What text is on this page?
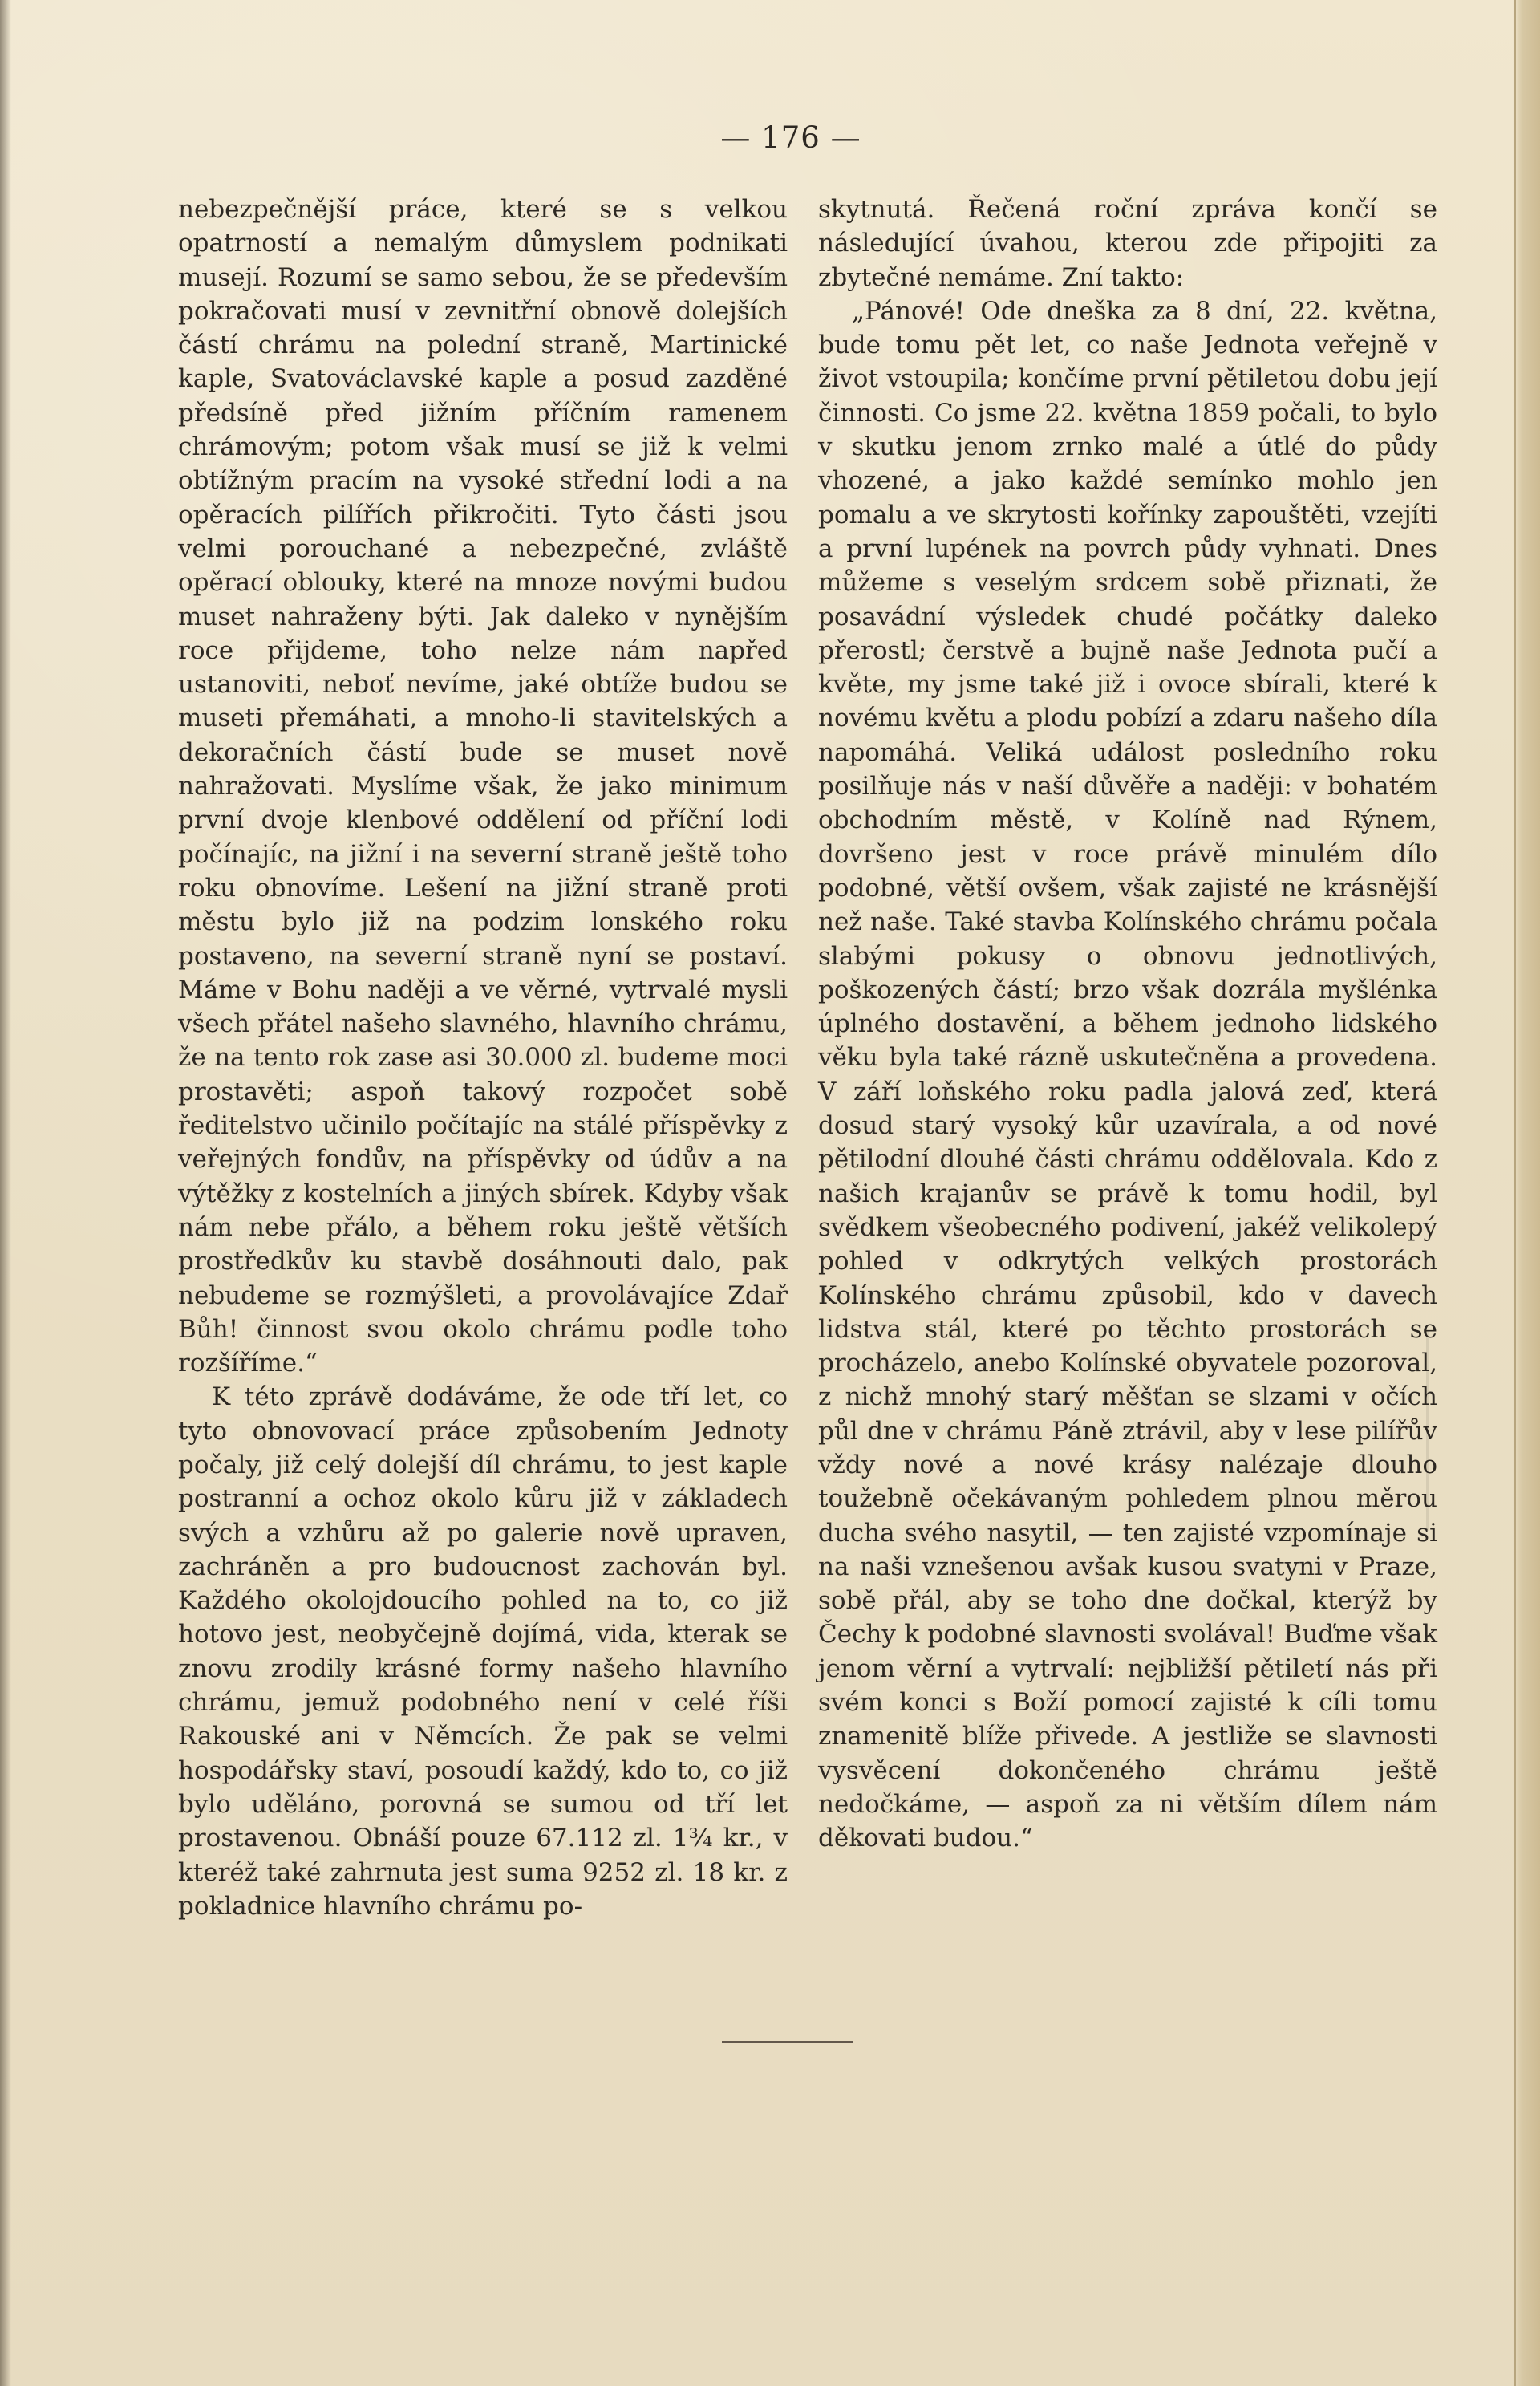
— 176 —

nebezpečnější práce, které se s velkou opatrností a nemalým důmyslem podnikati musejí. Rozumí se samo sebou, že se především pokračovati musí v zevnitřní obnově dolejších částí chrámu na polední straně, Martinické kaple, Svatováclavské kaple a posud zazděné předsíně před jižním příčním ramenem chrámovým; potom však musí se již k velmi obtížným pracím na vysoké střední lodi a na opěracích pilířích přikročiti. Tyto části jsou velmi porouchané a nebezpečné, zvláště opěrací oblouky, které na mnoze novými budou muset nahraženy býti. Jak daleko v nynějším roce přijdeme, toho nelze nám napřed ustanoviti, neboť nevíme, jaké obtíže budou se museti přemáhati, a mnoho-li stavitelských a dekoračních částí bude se muset nově nahražovati. Myslíme však, že jako minimum první dvoje klenbové oddělení od příční lodi počínajíc, na jižní i na severní straně ještě toho roku obnovíme. Lešení na jižní straně proti městu bylo již na podzim lonského roku postaveno, na severní straně nyní se postaví. Máme v Bohu naději a ve věrné, vytrvalé mysli všech přátel našeho slavného, hlavního chrámu, že na tento rok zase asi 30.000 zl. budeme moci prostavěti; aspoň takový rozpočet sobě ředitelstvo učinilo počítajíc na stálé příspěvky z veřejných fondův, na příspěvky od údův a na výtěžky z kostelních a jiných sbírek. Kdyby však nám nebe přálo, a během roku ještě větších prostředkův ku stavbě dosáhnouti dalo, pak nebudeme se rozmýšleti, a provolávajíce Zdař Bůh! činnost svou okolo chrámu podle toho rozšíříme.“

K této zprávě dodáváme, že ode tří let, co tyto obnovovací práce způsobením Jednoty počaly, již celý dolejší díl chrámu, to jest kaple postranní a ochoz okolo kůru již v základech svých a vzhůru až po galerie nově upraven, zachráněn a pro budoucnost zachován byl. Každého okolojdoucího pohled na to, co již hotovo jest, neobyčejně dojímá, vida, kterak se znovu zrodily krásné formy našeho hlavního chrámu, jemuž podobného není v celé říši Rakouské ani v Němcích. Že pak se velmi hospodářsky staví, posoudí každý, kdo to, co již bylo uděláno, porovná se sumou od tří let prostavenou. Obnáší pouze 67.112 zl. 1¾ kr., v kteréž také zahrnuta jest suma 9252 zl. 18 kr. z pokladnice hlavního chrámu po-

skytnutá. Řečená roční zpráva končí se následující úvahou, kterou zde připojiti za zbytečné nemáme. Zní takto:

„Pánové! Ode dneška za 8 dní, 22. května, bude tomu pět let, co naše Jednota veřejně v život vstoupila; končíme první pětiletou dobu její činnosti. Co jsme 22. května 1859 počali, to bylo v skutku jenom zrnko malé a útlé do půdy vhozené, a jako každé semínko mohlo jen pomalu a ve skrytosti kořínky zapouštěti, vzejíti a první lupének na povrch půdy vyhnati. Dnes můžeme s veselým srdcem sobě přiznati, že posavádní výsledek chudé počátky daleko přerostl; čerstvě a bujně naše Jednota pučí a květe, my jsme také již i ovoce sbírali, které k novému květu a plodu pobízí a zdaru našeho díla napomáhá. Veliká událost posledního roku posilňuje nás v naší důvěře a naději: v bohatém obchodním městě, v Kolíně nad Rýnem, dovršeno jest v roce právě minulém dílo podobné, větší ovšem, však zajisté ne krásnější než naše. Také stavba Kolínského chrámu počala slabými pokusy o obnovu jednotlivých, poškozených částí; brzo však dozrála myšlénka úplného dostavění, a během jednoho lidského věku byla také rázně uskutečněna a provedena. V září loňského roku padla jalová zeď, která dosud starý vysoký kůr uzavírala, a od nové pětilodní dlouhé části chrámu oddělovala. Kdo z našich krajanův se právě k tomu hodil, byl svědkem všeobecného podivení, jakéž velikolepý pohled v odkrytých velkých prostorách Kolínského chrámu způsobil, kdo v davech lidstva stál, které po těchto prostorách se procházelo, anebo Kolínské obyvatele pozoroval, z nichž mnohý starý měšťan se slzami v očích půl dne v chrámu Páně ztrávil, aby v lese pilířův vždy nové a nové krásy nalézaje dlouho toužebně očekávaným pohledem plnou měrou ducha svého nasytil, — ten zajisté vzpomínaje si na naši vznešenou avšak kusou svatyni v Praze, sobě přál, aby se toho dne dočkal, kterýž by Čechy k podobné slavnosti svolával! Buďme však jenom věrní a vytrvalí: nejbližší pětiletí nás při svém konci s Boží pomocí zajisté k cíli tomu znamenitě blíže přivede. A jestliže se slavnosti vysvěcení dokončeného chrámu ještě nedočkáme, — aspoň za ni větším dílem nám děkovati budou.“
